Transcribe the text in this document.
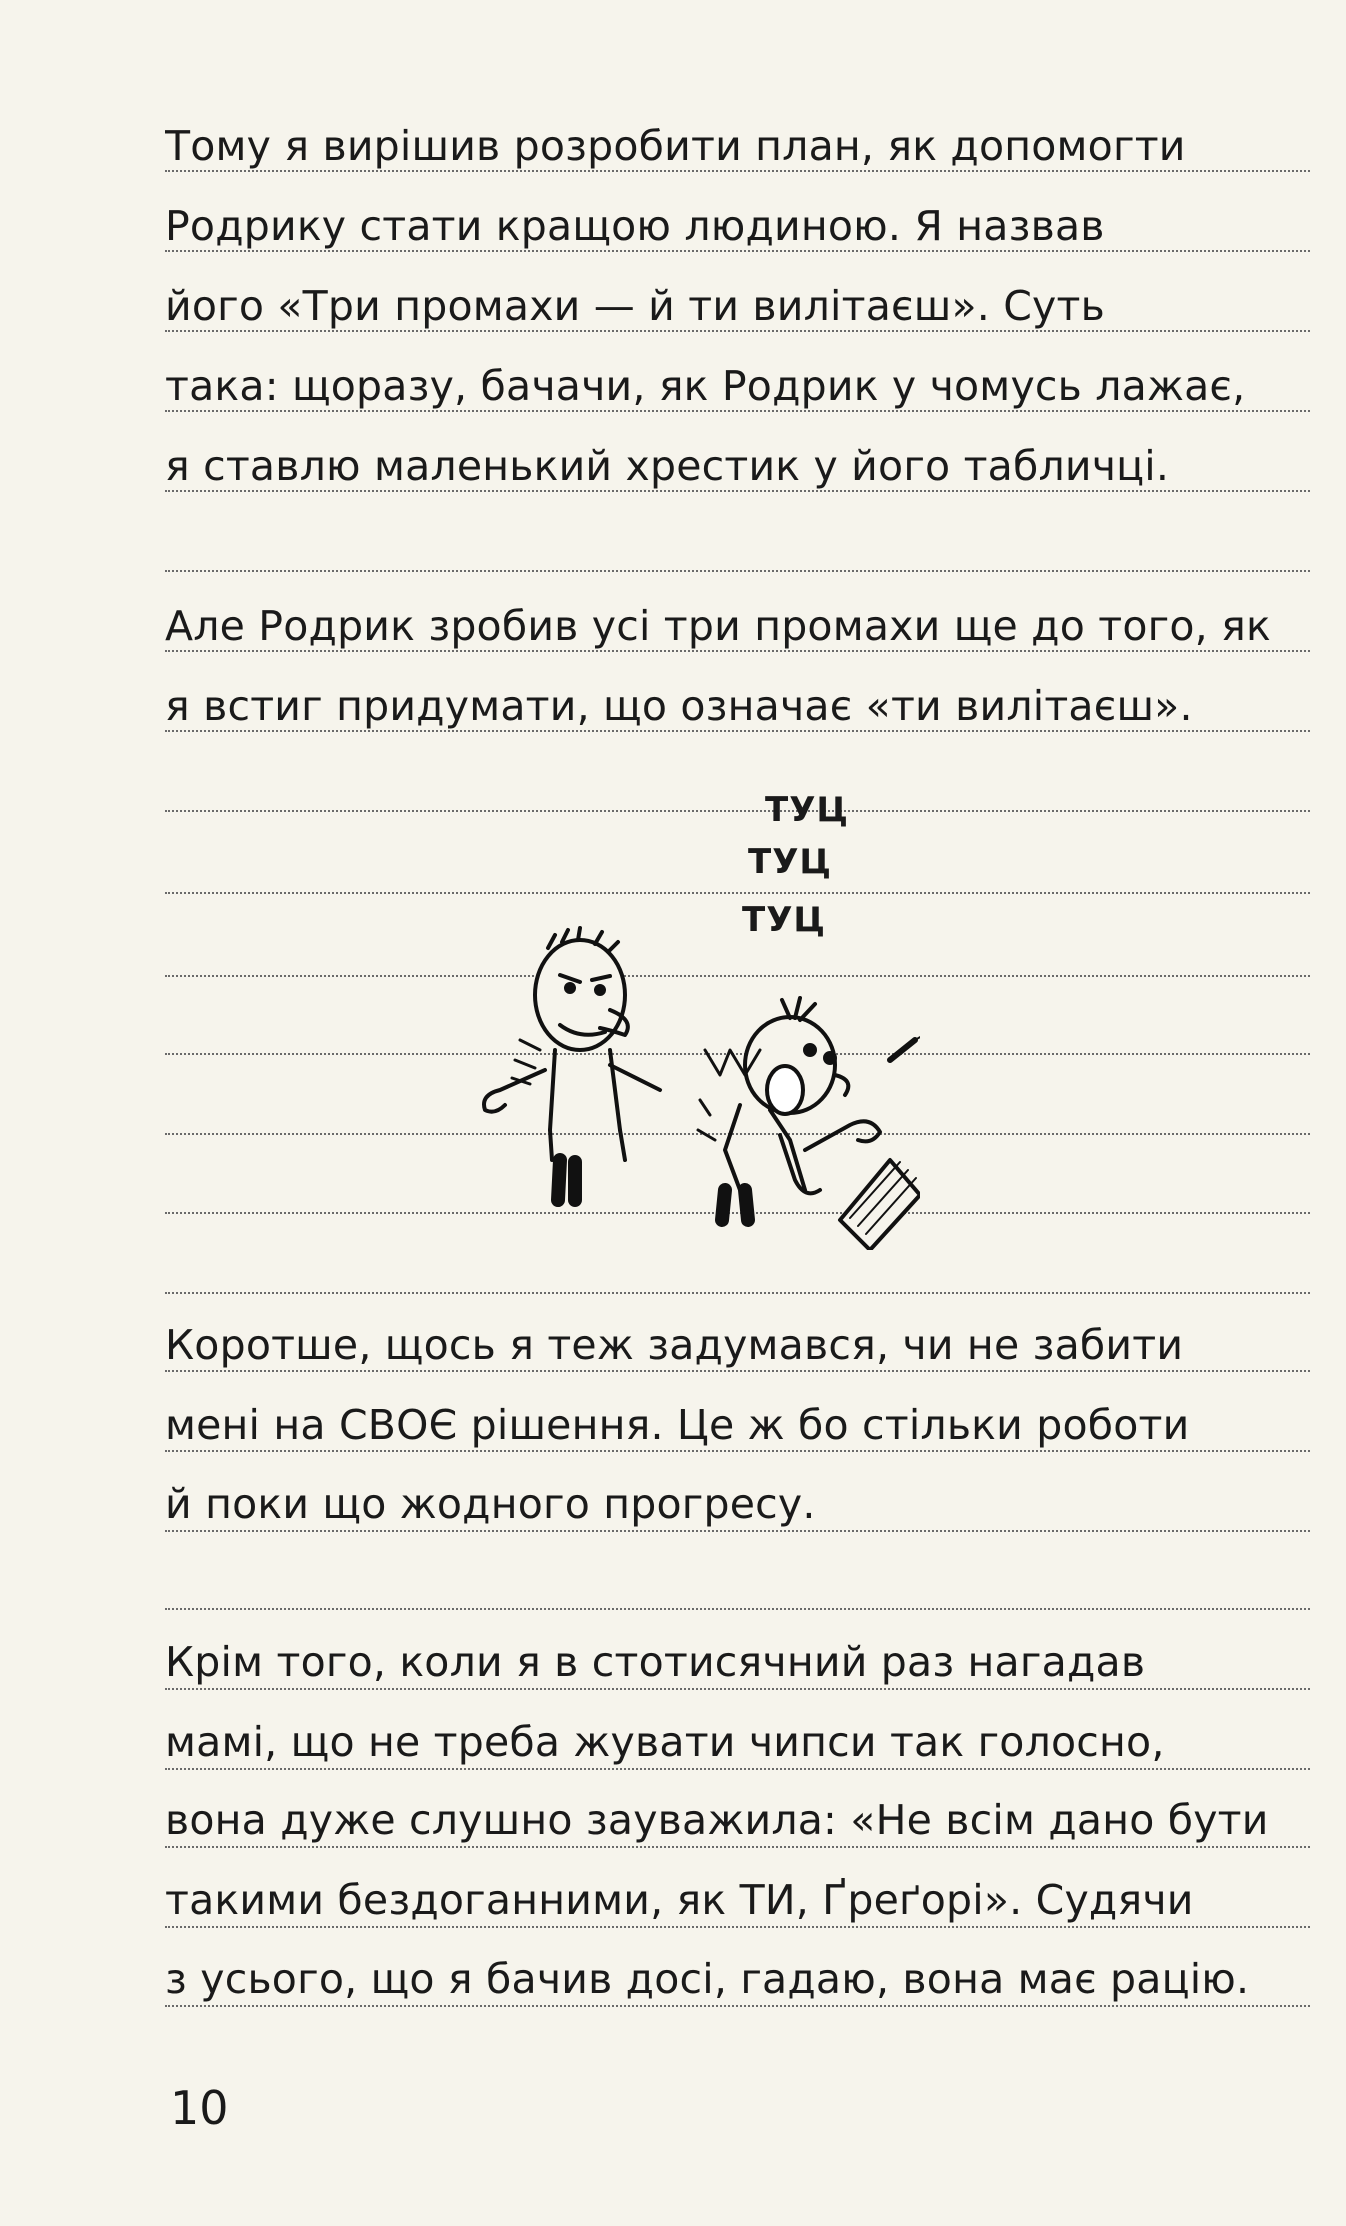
Тому я вирішив розробити план, як допомогти
Родрику стати кращою людиною. Я назвав
його «Три промахи — й ти вилітаєш». Суть
така: щоразу, бачачи, як Родрик у чомусь лажає,
я ставлю маленький хрестик у його табличці.
Але Родрик зробив усі три промахи ще до того, як
я встиг придумати, що означає «ти вилітаєш».
ТУЦ
ТУЦ
ТУЦ
Коротше, щось я теж задумався, чи не забити
мені на СВОЄ рішення. Це ж бо стільки роботи
й поки що жодного прогресу.
Крім того, коли я в стотисячний раз нагадав
мамі, що не треба жувати чипси так голосно,
вона дуже слушно зауважила: «Не всім дано бути
такими бездоганними, як ТИ, Ґреґорі». Судячи
з усього, що я бачив досі, гадаю, вона має рацію.
10
